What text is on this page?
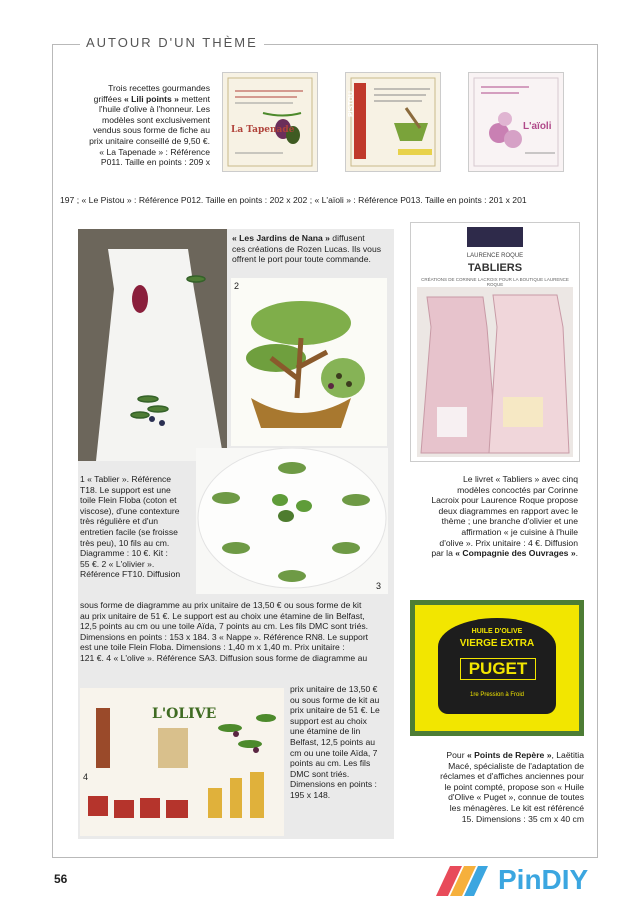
AUTOUR D'UN THÈME
Trois recettes gourmandes
griffées « Lili points » mettent
l'huile d'olive à l'honneur. Les
modèles sont exclusivement
vendus sous forme de fiche au
prix unitaire conseillé de 9,50 €.
« La Tapenade » : Référence
P011. Taille en points : 209 x
197 ; « Le Pistou » : Référence P012. Taille en points : 202 x 202 ; « L'aïoli » : Référence P013. Taille en points : 201 x 201
La Tapenade
PISTOU
L'aïoli
« Les Jardins de Nana » diffusent
ces créations de Rozen Lucas. Ils vous
offrent le port pour toute commande.
2
3
1 « Tablier ». Référence
T18. Le support est une
toile Flein Floba (coton et
viscose), d'une contexture
très régulière et d'un
entretien facile (se froisse
très peu), 10 fils au cm.
Diagramme : 10 €. Kit :
55 €. 2 « L'olivier ».
Référence FT10. Diffusion
sous forme de diagramme au prix unitaire de 13,50 € ou sous forme de kit
au prix unitaire de 51 €. Le support est au choix une étamine de lin Belfast,
12,5 points au cm ou une toile Aïda, 7 points au cm. Les fils DMC sont triés.
Dimensions en points : 153 x 184. 3 « Nappe ». Référence RN8. Le support
est une toile Flein Floba. Dimensions : 1,40 m x 1,40 m. Prix unitaire :
121 €. 4 « L'olive ». Référence SA3. Diffusion sous forme de diagramme au
L'OLIVE
4
prix unitaire de 13,50 €
ou sous forme de kit au
prix unitaire de 51 €. Le
support est au choix
une étamine de lin
Belfast, 12,5 points au
cm ou une toile Aïda, 7
points au cm. Les fils
DMC sont triés.
Dimensions en points :
195 x 148.
LAURENCE ROQUE
TABLIERS
CRÉATIONS DE CORINNE LACROIX POUR LA BOUTIQUE LAURENCE ROQUE
Le livret « Tabliers » avec cinq
modèles concoctés par Corinne
Lacroix pour Laurence Roque propose
deux diagrammes en rapport avec le
thème ; une branche d'olivier et une
affirmation « je cuisine à l'huile
d'olive ». Prix unitaire : 4 €. Diffusion
par la « Compagnie des Ouvrages ».
HUILE D'OLIVE
VIERGE EXTRA
PUGET
1re Pression à Froid
Pour « Points de Repère », Laëtitia
Macé, spécialiste de l'adaptation de
réclames et d'affiches anciennes pour
le point compté, propose son « Huile
d'Olive « Puget », connue de toutes
les ménagères. Le kit est référencé
15. Dimensions : 35 cm x 40 cm
56	PinDIY
